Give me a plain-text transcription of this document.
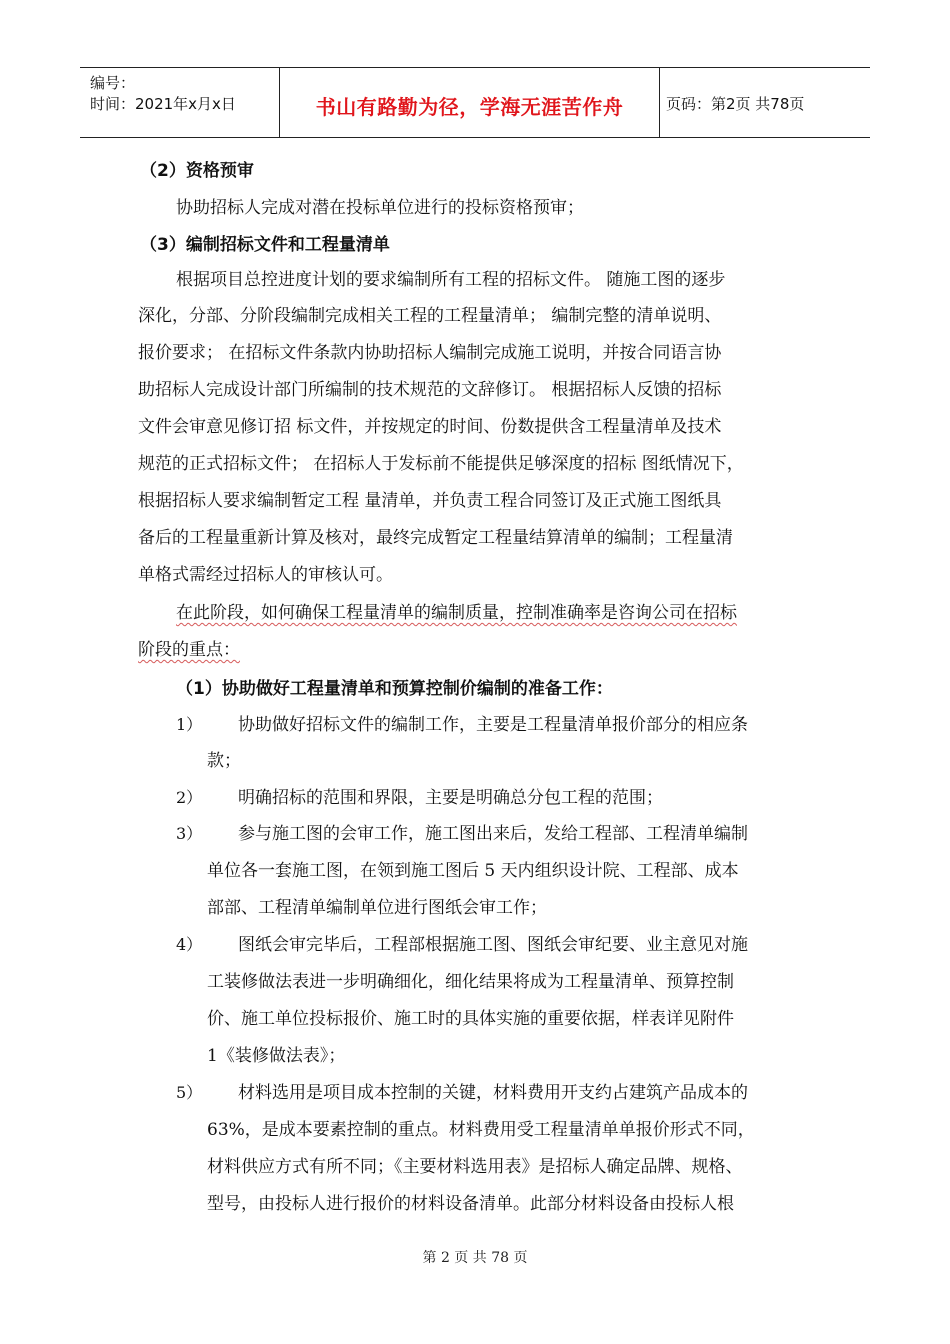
编号：
时间：2021年x月x日	书山有路勤为径，学海无涯苦作舟	页码：第2页 共78页
（2）资格预审
协助招标人完成对潜在投标单位进行的投标资格预审；
（3）编制招标文件和工程量清单
根据项目总控进度计划的要求编制所有工程的招标文件。 随施工图的逐步
深化，分部、分阶段编制完成相关工程的工程量清单； 编制完整的清单说明、
报价要求； 在招标文件条款内协助招标人编制完成施工说明，并按合同语言协
助招标人完成设计部门所编制的技术规范的文辞修订。 根据招标人反馈的招标
文件会审意见修订招 标文件，并按规定的时间、份数提供含工程量清单及技术
规范的正式招标文件； 在招标人于发标前不能提供足够深度的招标 图纸情况下，
根据招标人要求编制暂定工程 量清单，并负责工程合同签订及正式施工图纸具
备后的工程量重新计算及核对，最终完成暂定工程量结算清单的编制；工程量清
单格式需经过招标人的审核认可。
在此阶段，如何确保工程量清单的编制质量，控制准确率是咨询公司在招标
阶段的重点：
（1）协助做好工程量清单和预算控制价编制的准备工作：
1） 协助做好招标文件的编制工作，主要是工程量清单报价部分的相应条
款；
2） 明确招标的范围和界限，主要是明确总分包工程的范围；
3） 参与施工图的会审工作，施工图出来后，发给工程部、工程清单编制
单位各一套施工图，在领到施工图后 5 天内组织设计院、工程部、成本
部部、工程清单编制单位进行图纸会审工作；
4） 图纸会审完毕后，工程部根据施工图、图纸会审纪要、业主意见对施
工装修做法表进一步明确细化，细化结果将成为工程量清单、预算控制
价、施工单位投标报价、施工时的具体实施的重要依据，样表详见附件
1《装修做法表》；
5） 材料选用是项目成本控制的关键，材料费用开支约占建筑产品成本的
63%，是成本要素控制的重点。材料费用受工程量清单单报价形式不同，
材料供应方式有所不同；《主要材料选用表》是招标人确定品牌、规格、
型号，由投标人进行报价的材料设备清单。此部分材料设备由投标人根
第 2 页 共 78 页
